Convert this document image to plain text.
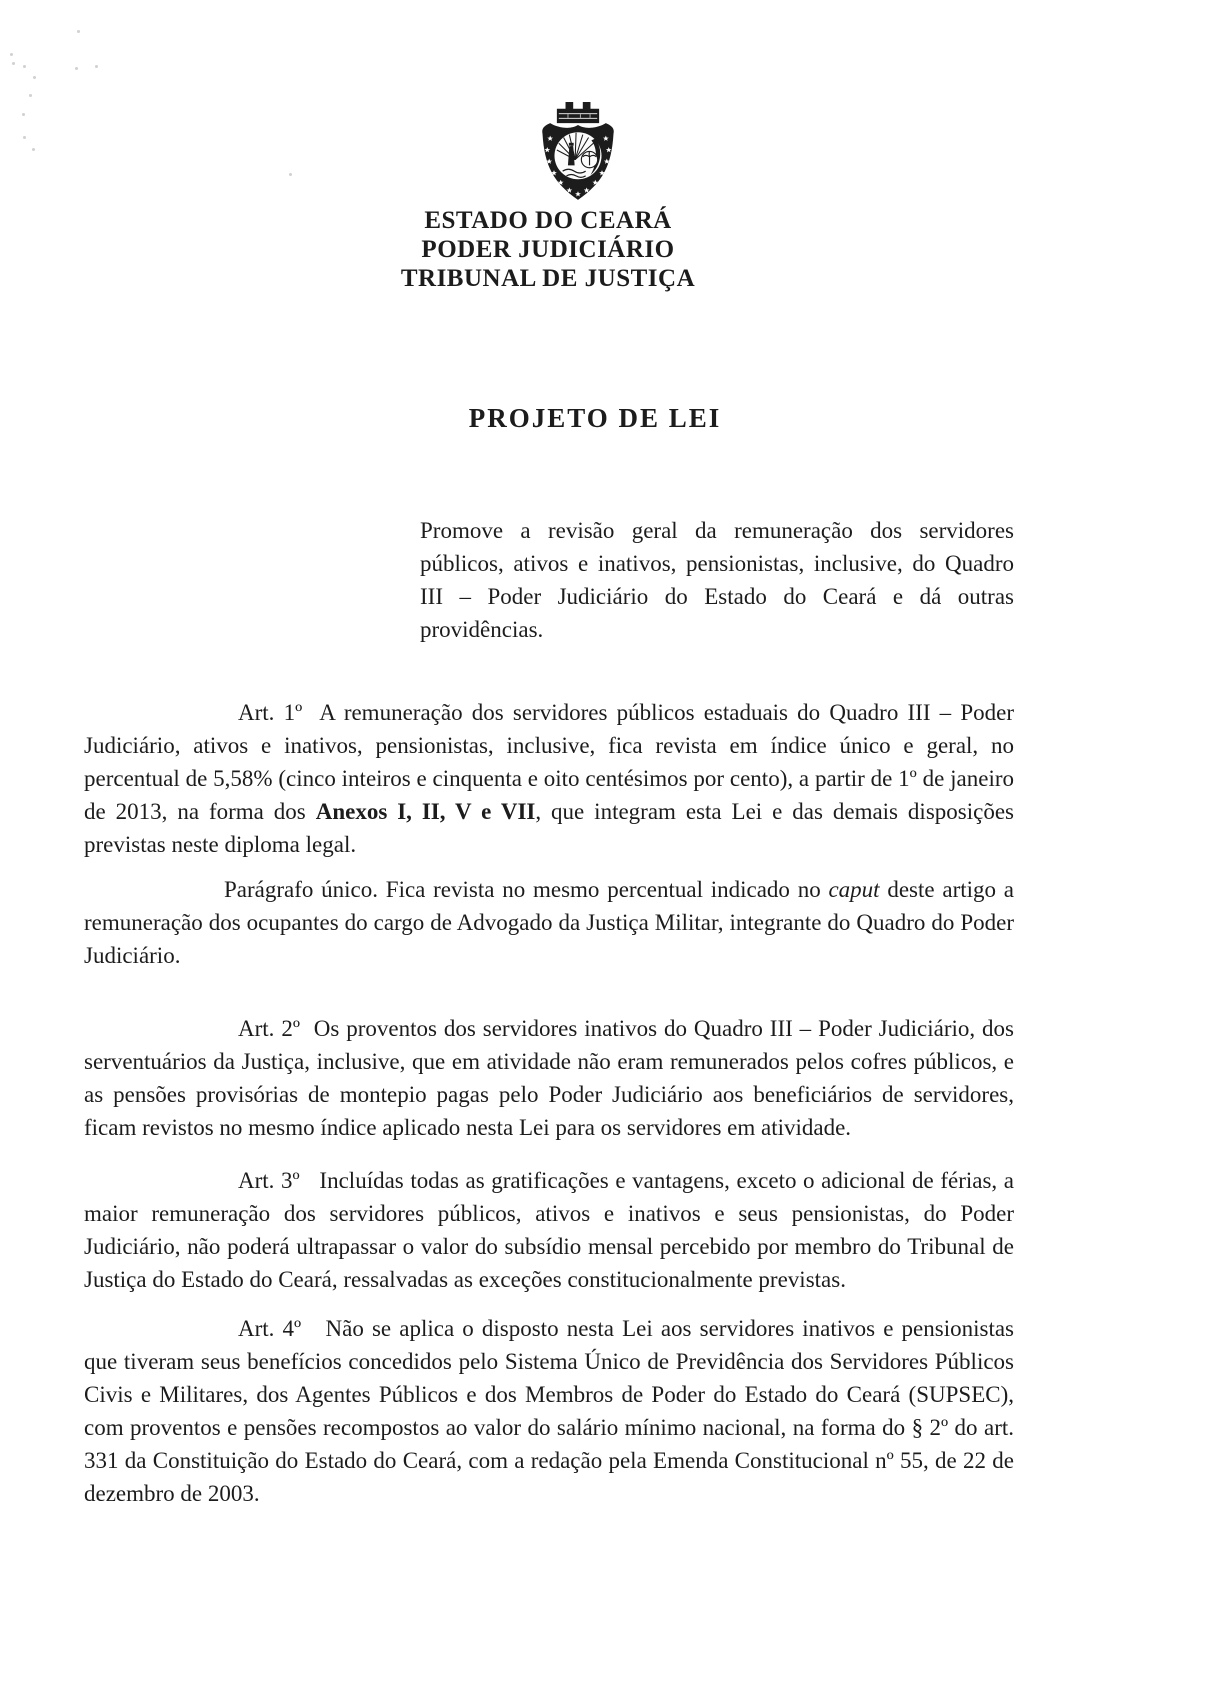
ESTADO DO CEARÁ
PODER JUDICIÁRIO
TRIBUNAL DE JUSTIÇA
PROJETO DE LEI

Promove a revisão geral da remuneração dos servidores públicos, ativos e inativos, pensionistas, inclusive, do Quadro III – Poder Judiciário do Estado do Ceará e dá outras providências.

Art. 1º  A remuneração dos servidores públicos estaduais do Quadro III – Poder Judiciário, ativos e inativos, pensionistas, inclusive, fica revista em índice único e geral, no percentual de 5,58% (cinco inteiros e cinquenta e oito centésimos por cento), a partir de 1º de janeiro de 2013, na forma dos Anexos I, II, V e VII, que integram esta Lei e das demais disposições previstas neste diploma legal.

Parágrafo único. Fica revista no mesmo percentual indicado no caput deste artigo a remuneração dos ocupantes do cargo de Advogado da Justiça Militar, integrante do Quadro do Poder Judiciário.

Art. 2º  Os proventos dos servidores inativos do Quadro III – Poder Judiciário, dos serventuários da Justiça, inclusive, que em atividade não eram remunerados pelos cofres públicos, e as pensões provisórias de montepio pagas pelo Poder Judiciário aos beneficiários de servidores, ficam revistos no mesmo índice aplicado nesta Lei para os servidores em atividade.

Art. 3º   Incluídas todas as gratificações e vantagens, exceto o adicional de férias, a maior remuneração dos servidores públicos, ativos e inativos e seus pensionistas, do Poder Judiciário, não poderá ultrapassar o valor do subsídio mensal percebido por membro do Tribunal de Justiça do Estado do Ceará, ressalvadas as exceções constitucionalmente previstas.

Art. 4º   Não se aplica o disposto nesta Lei aos servidores inativos e pensionistas que tiveram seus benefícios concedidos pelo Sistema Único de Previdência dos Servidores Públicos Civis e Militares, dos Agentes Públicos e dos Membros de Poder do Estado do Ceará (SUPSEC), com proventos e pensões recompostos ao valor do salário mínimo nacional, na forma do § 2º do art. 331 da Constituição do Estado do Ceará, com a redação pela Emenda Constitucional nº 55, de 22 de dezembro de 2003.
